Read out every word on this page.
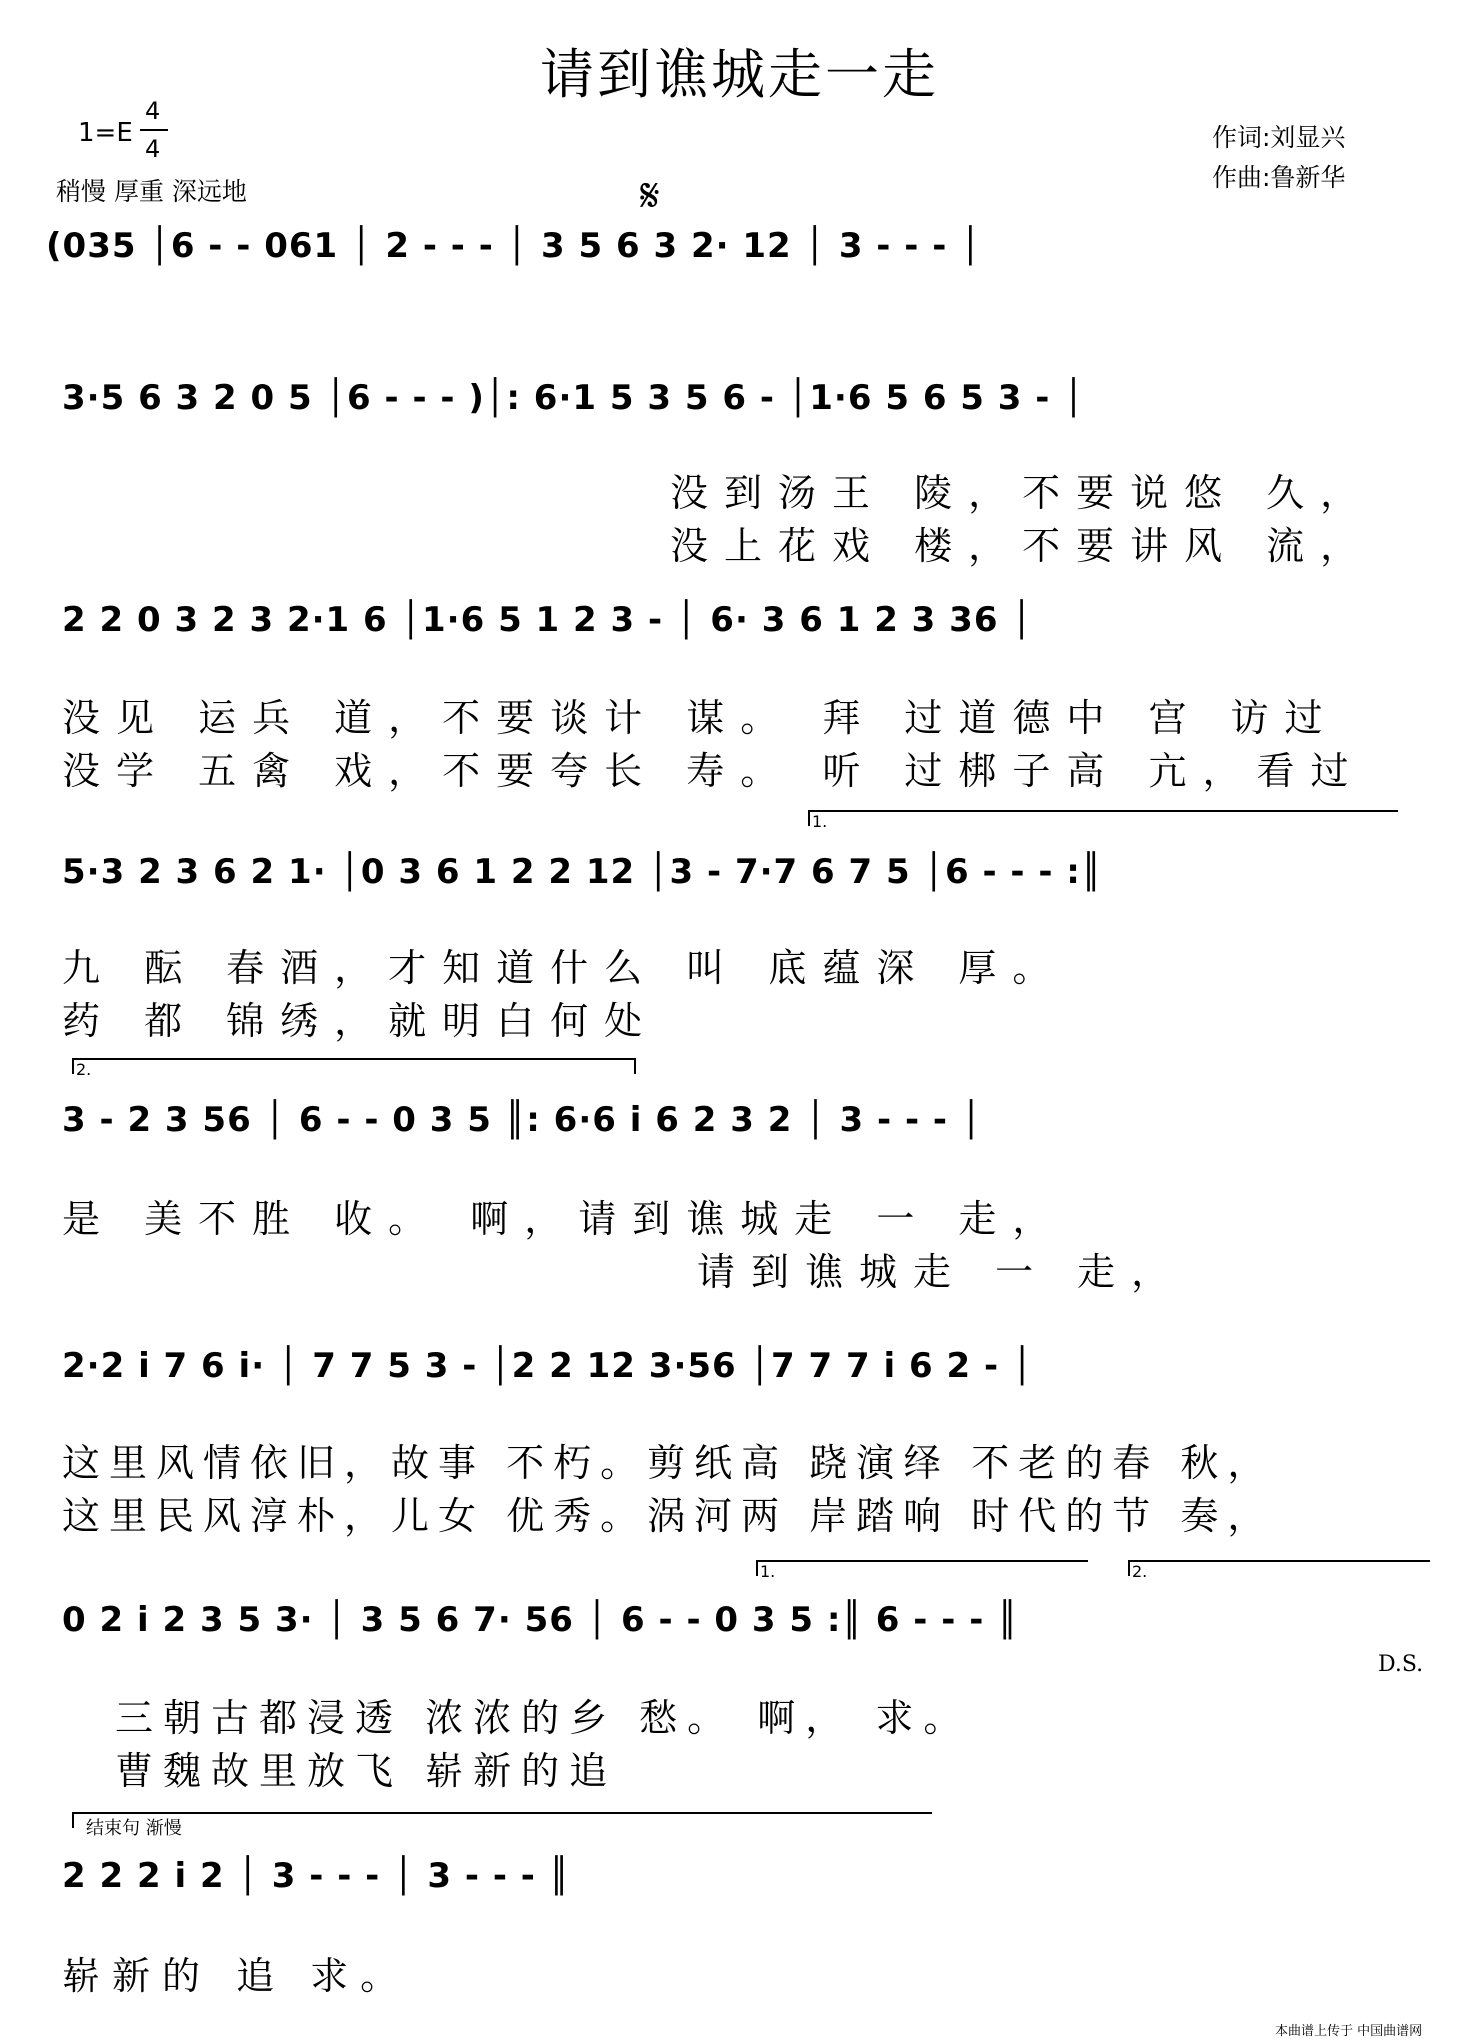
请到谯城走一走
1=E
4
4
稍慢 厚重 深远地
作词:刘显兴
作曲:鲁新华
𝄋
(035 │6 - - 061 │ 2 - - - │ 3 5 6 3 2· 12 │ 3 - - - │
3·5 6 3 2 0 5 │6 - - - )│: 6·1 5 3 5 6 - │1·6 5 6 5 3 - │
没到汤王 陵，不要说悠 久，
没上花戏 楼，不要讲风 流，
2 2 0 3 2 3 2·1 6 │1·6 5 1 2 3 - │ 6· 3 6 1 2 3 36 │
没见 运兵 道，不要谈计 谋。 拜 过道德中 宫 访过
没学 五禽 戏，不要夸长 寿。 听 过梆子高 亢，看过
1.
5·3 2 3 6 2 1· │0 3 6 1 2 2 12 │3 - 7·7 6 7 5 │6 - - - :║
九 酝 春酒，才知道什么 叫 底蕴深 厚。
药 都 锦绣，就明白何处
2.
3 - 2 3 56 │ 6 - - 0 3 5 ║: 6·6 i 6 2 3 2 │ 3 - - - │
是 美不胜 收。 啊，请到谯城走 一 走，
请到谯城走 一 走，
2·2 i 7 6 i· │ 7 7 5 3 - │2 2 12 3·56 │7 7 7 i 6 2 - │
这里风情依旧，故事 不朽。剪纸高 跷演绎 不老的春 秋，
这里民风淳朴，儿女 优秀。涡河两 岸踏响 时代的节 奏，
1.	2.
0 2 i 2 3 5 3· │ 3 5 6 7· 56 │ 6 - - 0 3 5 :║ 6 - - - ║
D.S.
三朝古都浸透 浓浓的乡 愁。 啊， 求。
曹魏故里放飞 崭新的追
结束句 渐慢
2 2 2 i 2 │ 3 - - - │ 3 - - - ║
崭新的 追 求。
本曲谱上传于 中国曲谱网
